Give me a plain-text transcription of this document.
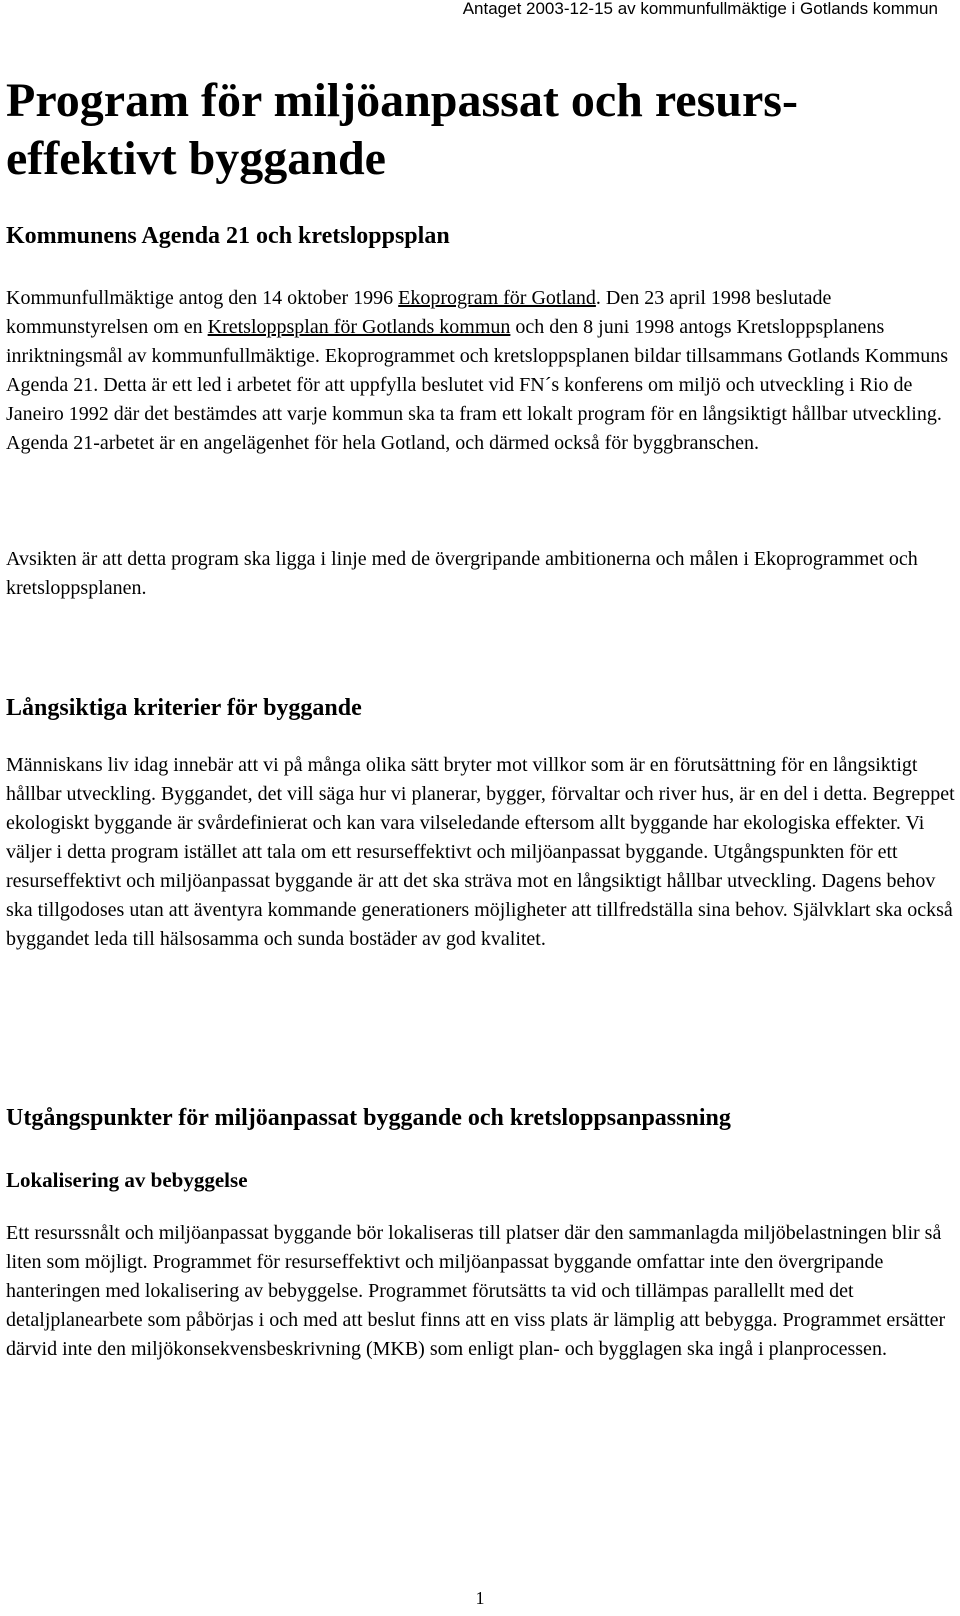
Antaget 2003-12-15 av kommunfullmäktige i Gotlands kommun
Program för miljöanpassat och resurs-
effektivt byggande
Kommunens Agenda 21 och kretsloppsplan

Kommunfullmäktige antog den 14 oktober 1996 Ekoprogram för Gotland. Den 23 april 1998 beslutade kommunstyrelsen om en Kretsloppsplan för Gotlands kommun och den 8 juni 1998 antogs Kretsloppsplanens inriktningsmål av kommunfullmäktige. Ekoprogrammet och kretsloppsplanen bildar tillsammans Gotlands Kommuns Agenda 21. Detta är ett led i arbetet för att uppfylla beslutet vid FN´s konferens om miljö och utveckling i Rio de Janeiro 1992 där det bestämdes att varje kommun ska ta fram ett lokalt program för en långsiktigt hållbar utveckling. Agenda 21-arbetet är en angelägenhet för hela Gotland, och därmed också för byggbranschen.

Avsikten är att detta program ska ligga i linje med de övergripande ambitionerna och målen i Ekoprogrammet och kretsloppsplanen.

Långsiktiga kriterier för byggande

Människans liv idag innebär att vi på många olika sätt bryter mot villkor som är en förutsättning för en långsiktigt hållbar utveckling. Byggandet, det vill säga hur vi planerar, bygger, förvaltar och river hus, är en del i detta. Begreppet ekologiskt byggande är svårdefinierat och kan vara vilseledande eftersom allt byggande har ekologiska effekter. Vi väljer i detta program istället att tala om ett resurseffektivt och miljöanpassat byggande. Utgångspunkten för ett resurseffektivt och miljöanpassat byggande är att det ska sträva mot en långsiktigt hållbar utveckling. Dagens behov ska tillgodoses utan att äventyra kommande generationers möjligheter att tillfredställa sina behov. Självklart ska också byggandet leda till hälsosamma och sunda bostäder av god kvalitet.

Utgångspunkter för miljöanpassat byggande och kretsloppsanpassning
Lokalisering av bebyggelse

Ett resurssnålt och miljöanpassat byggande bör lokaliseras till platser där den sammanlagda miljöbelastningen blir så liten som möjligt. Programmet för resurseffektivt och miljöanpassat byggande omfattar inte den övergripande hanteringen med lokalisering av bebyggelse. Programmet förutsätts ta vid och tillämpas parallellt med det detaljplanearbete som påbörjas i och med att beslut finns att en viss plats är lämplig att bebygga. Programmet ersätter därvid inte den miljökonsekvensbeskrivning (MKB) som enligt plan- och bygglagen ska ingå i planprocessen.

1
